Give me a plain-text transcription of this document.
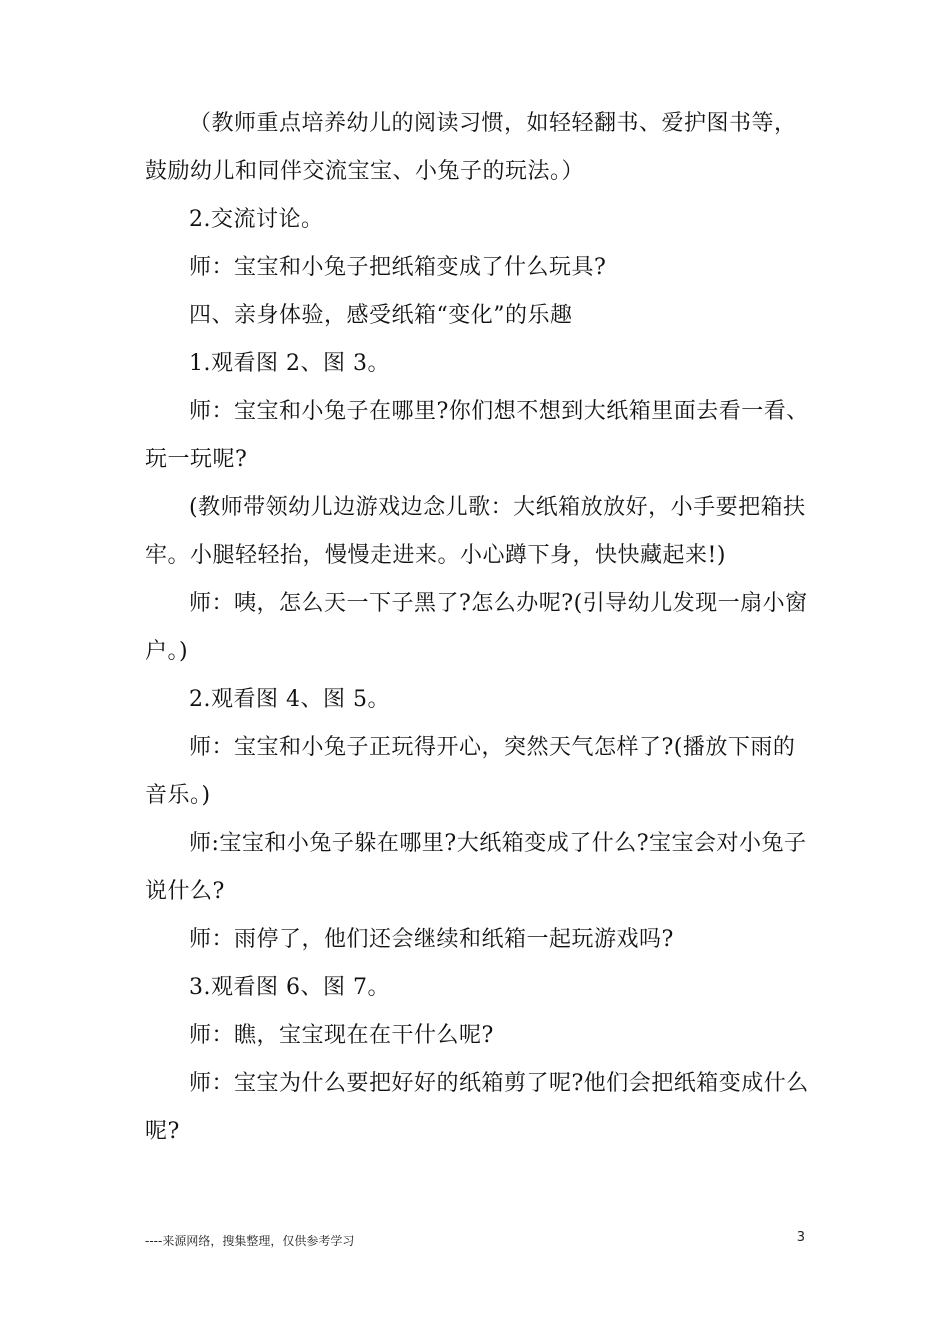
（教师重点培养幼儿的阅读习惯，如轻轻翻书、爱护图书等，鼓励幼儿和同伴交流宝宝、小兔子的玩法。）

2.交流讨论。

师：宝宝和小兔子把纸箱变成了什么玩具?

四、亲身体验，感受纸箱“变化”的乐趣

1.观看图 2、图 3。

师：宝宝和小兔子在哪里?你们想不想到大纸箱里面去看一看、玩一玩呢?

(教师带领幼儿边游戏边念儿歌：大纸箱放放好，小手要把箱扶牢。小腿轻轻抬，慢慢走进来。小心蹲下身，快快藏起来!)

师：咦，怎么天一下子黑了?怎么办呢?(引导幼儿发现一扇小窗户。)

2.观看图 4、图 5。

师：宝宝和小兔子正玩得开心，突然天气怎样了?(播放下雨的音乐。)

师:宝宝和小兔子躲在哪里?大纸箱变成了什么?宝宝会对小兔子说什么?

师：雨停了，他们还会继续和纸箱一起玩游戏吗?

3.观看图 6、图 7。

师：瞧，宝宝现在在干什么呢?

师：宝宝为什么要把好好的纸箱剪了呢?他们会把纸箱变成什么呢?

----来源网络，搜集整理，仅供参考学习	3
